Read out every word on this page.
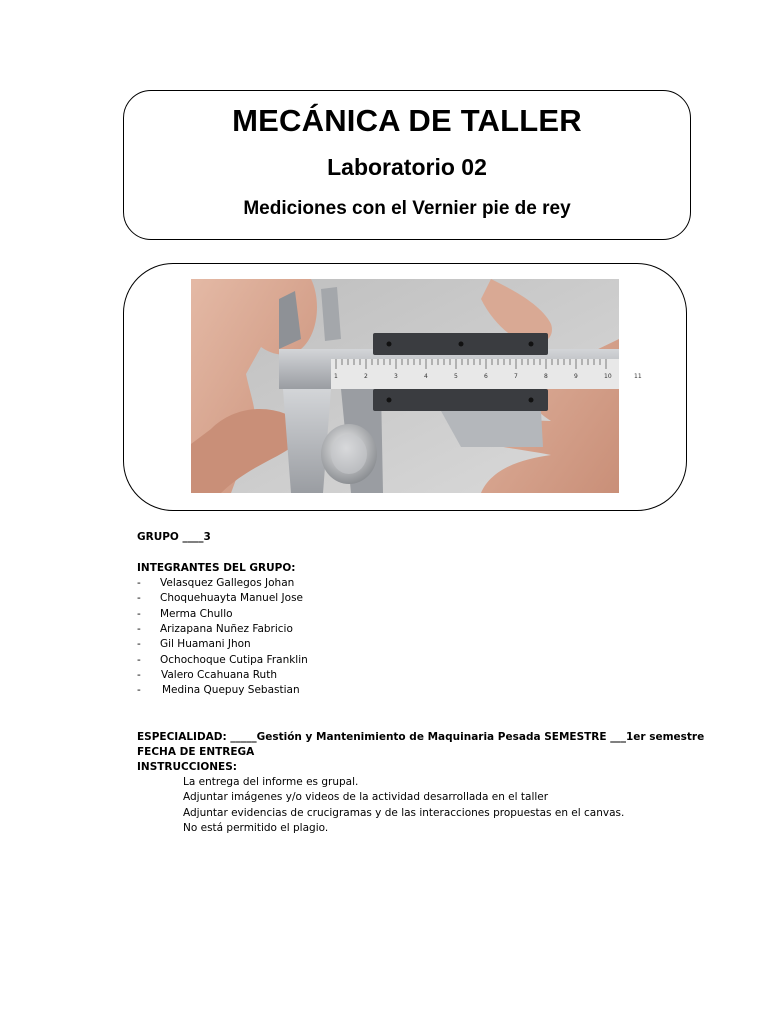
MECÁNICA DE TALLER
Laboratorio 02
Mediciones con el Vernier pie de rey
1	2	3	4	5	6	7	8	9	10	11
GRUPO ____3
INTEGRANTES DEL GRUPO:
- Velasquez Gallegos Johan
- Choquehuayta Manuel Jose
- Merma Chullo
- Arizapana Nuñez Fabricio
- Gil Huamani Jhon
- Ochochoque Cutipa Franklin
- Valero Ccahuana Ruth
- Medina Quepuy Sebastian
ESPECIALIDAD: _____Gestión y Mantenimiento de Maquinaria Pesada SEMESTRE ___1er semestre
FECHA DE ENTREGA
INSTRUCCIONES:
La entrega del informe es grupal.
Adjuntar imágenes y/o videos de la actividad desarrollada en el taller
Adjuntar evidencias de crucigramas y de las interacciones propuestas en el canvas.
No está permitido el plagio.
